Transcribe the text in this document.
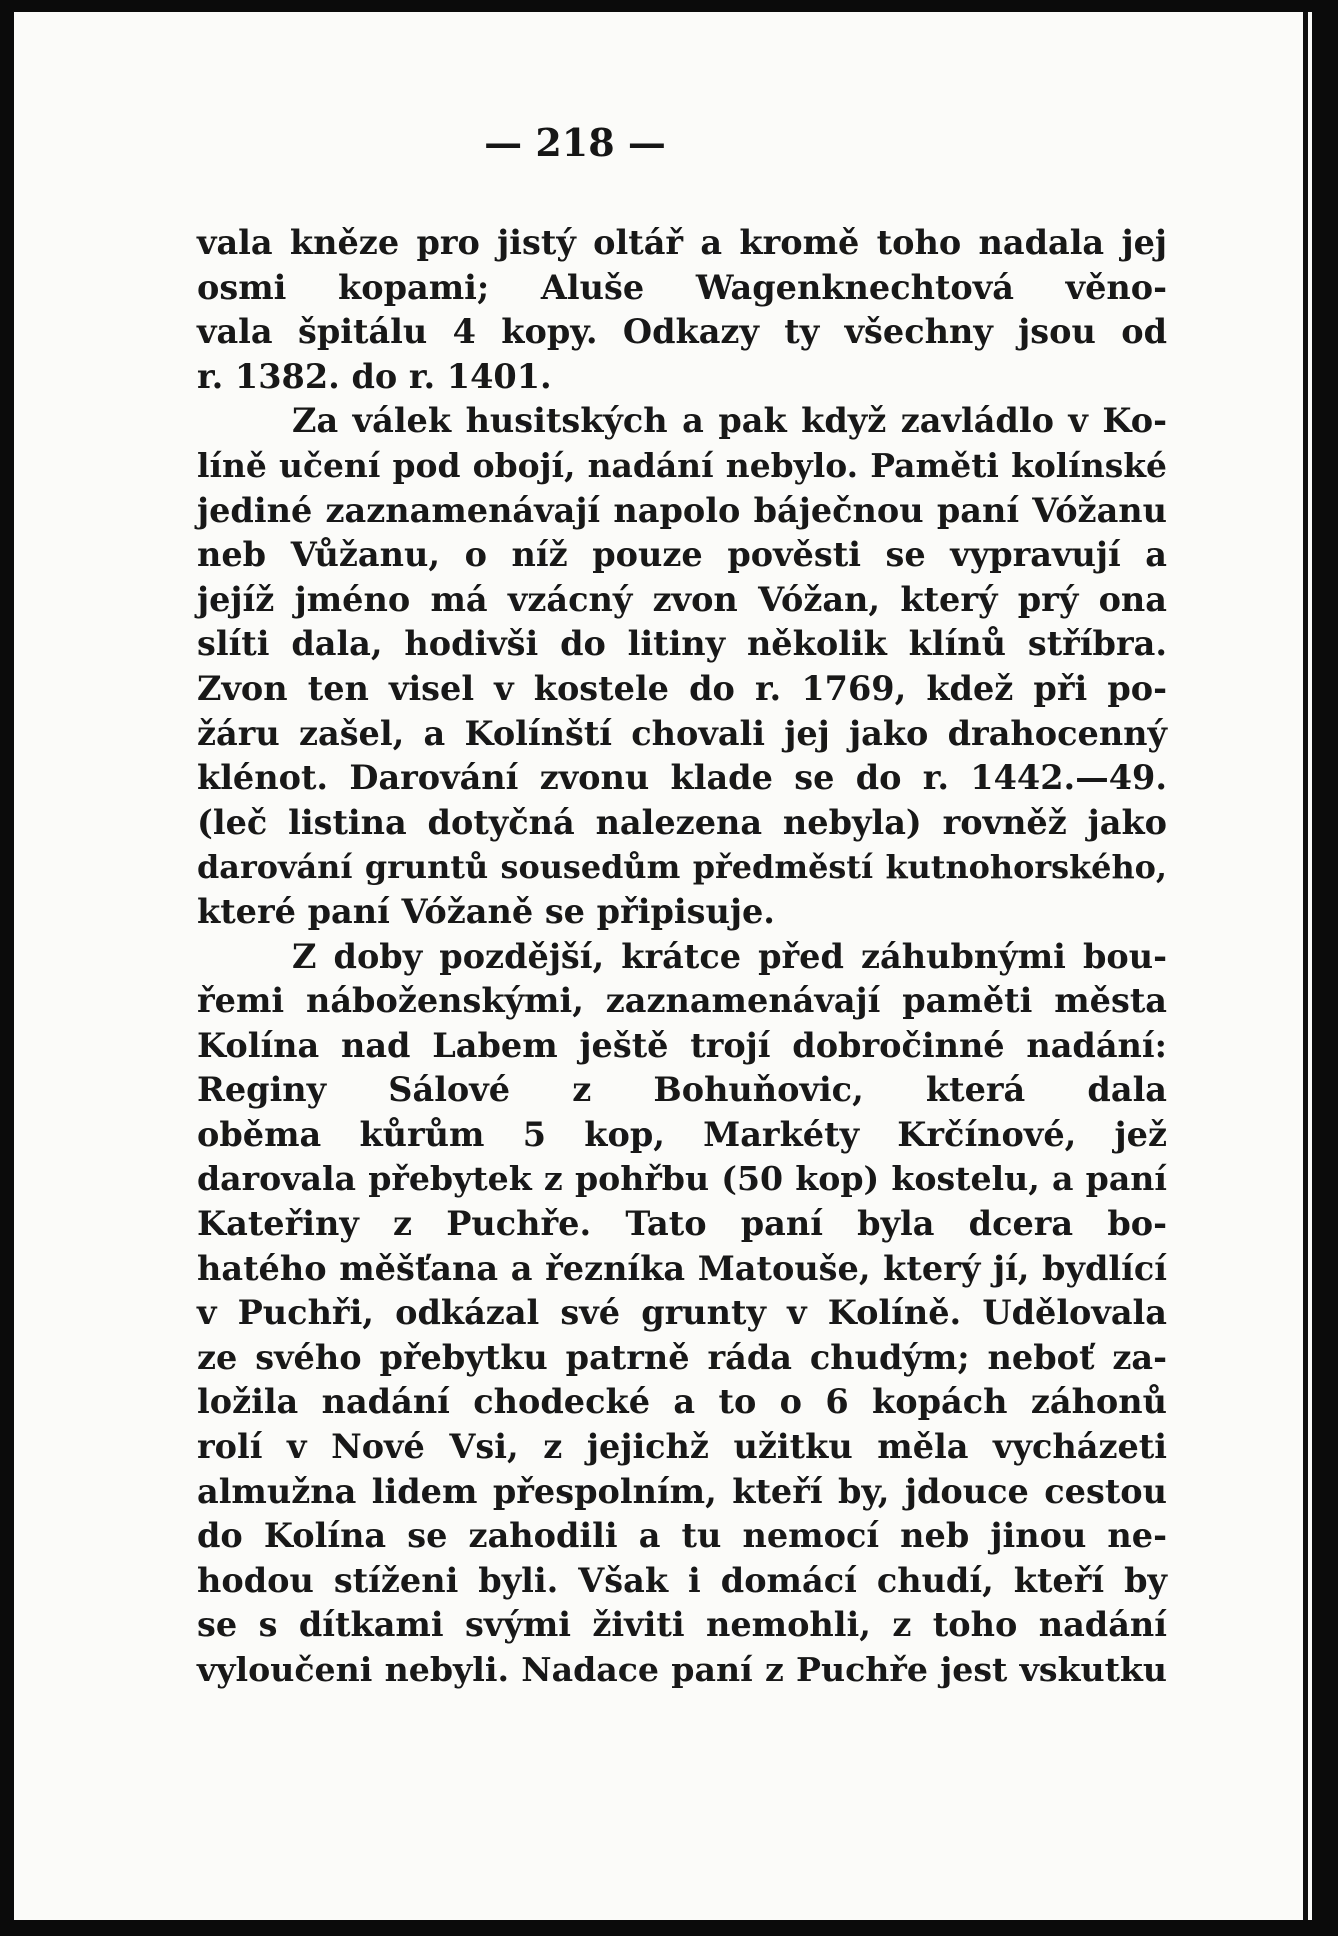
— 218 —
vala kněze pro jistý oltář a kromě toho nadala jej
osmi kopami; Aluše Wagenknechtová věno-
vala špitálu 4 kopy. Odkazy ty všechny jsou od
r. 1382. do r. 1401.
Za válek husitských a pak když zavládlo v Ko-
líně učení pod obojí, nadání nebylo. Paměti kolínské
jediné zaznamenávají napolo báječnou paní Vóžanu
neb Vůžanu, o níž pouze pověsti se vypravují a
jejíž jméno má vzácný zvon Vóžan, který prý ona
slíti dala, hodivši do litiny několik klínů stříbra.
Zvon ten visel v kostele do r. 1769, kdež při po-
žáru zašel, a Kolínští chovali jej jako drahocenný
klénot. Darování zvonu klade se do r. 1442.—49.
(leč listina dotyčná nalezena nebyla) rovněž jako
darování gruntů sousedům předměstí kutnohorského,
které paní Vóžaně se připisuje.
Z doby pozdější, krátce před záhubnými bou-
řemi náboženskými, zaznamenávají paměti města
Kolína nad Labem ještě trojí dobročinné nadání:
Reginy Sálové z Bohuňovic, která dala
oběma kůrům 5 kop, Markéty Krčínové, jež
darovala přebytek z pohřbu (50 kop) kostelu, a paní
Kateřiny z Puchře. Tato paní byla dcera bo-
hatého měšťana a řezníka Matouše, který jí, bydlící
v Puchři, odkázal své grunty v Kolíně. Udělovala
ze svého přebytku patrně ráda chudým; neboť za-
ložila nadání chodecké a to o 6 kopách záhonů
rolí v Nové Vsi, z jejichž užitku měla vycházeti
almužna lidem přespolním, kteří by, jdouce cestou
do Kolína se zahodili a tu nemocí neb jinou ne-
hodou stíženi byli. Však i domácí chudí, kteří by
se s dítkami svými živiti nemohli, z toho nadání
vyloučeni nebyli. Nadace paní z Puchře jest vskutku
